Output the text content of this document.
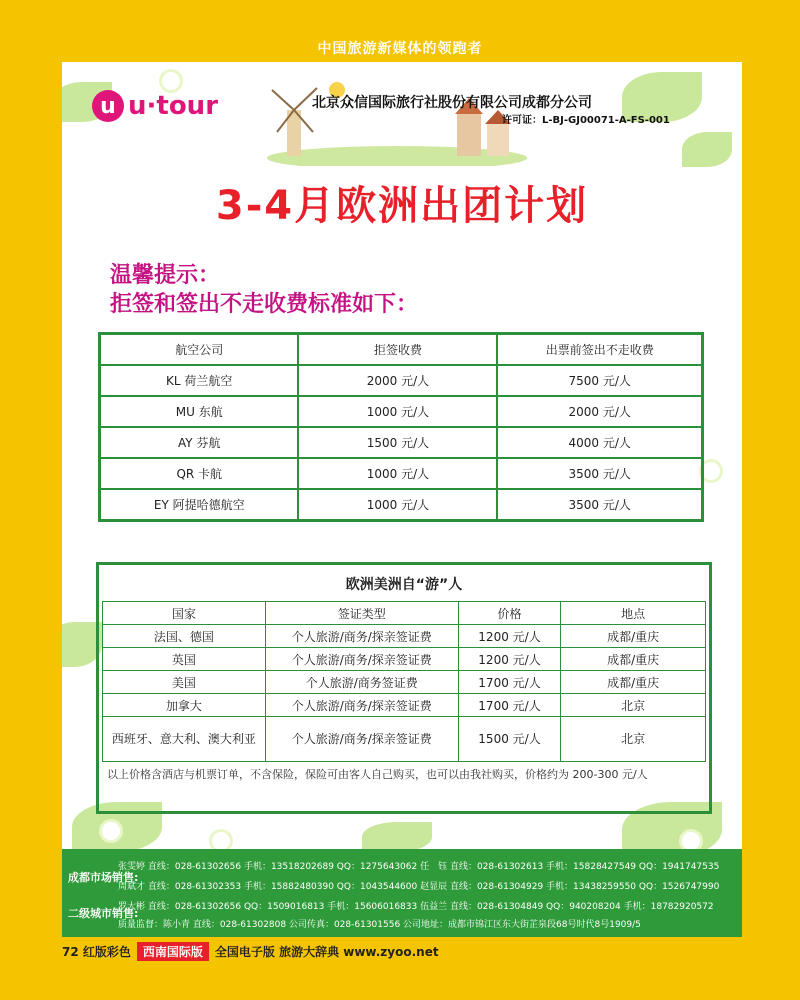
中国旅游新媒体的领跑者
u u·tour	北京众信国际旅行社股份有限公司成都分公司
许可证：L-BJ-GJ00071-A-FS-001
3-4月欧洲出团计划
温馨提示：
拒签和签出不走收费标准如下：
航空公司	拒签收费	出票前签出不走收费
KL 荷兰航空	2000 元/人	7500 元/人
MU 东航	1000 元/人	2000 元/人
AY 芬航	1500 元/人	4000 元/人
QR 卡航	1000 元/人	3500 元/人
EY 阿提哈德航空	1000 元/人	3500 元/人
欧洲美洲自“游”人
国家	签证类型	价格	地点
法国、德国	个人旅游/商务/探亲签证费	1200 元/人	成都/重庆
英国	个人旅游/商务/探亲签证费	1200 元/人	成都/重庆
美国	个人旅游/商务签证费	1700 元/人	成都/重庆
加拿大	个人旅游/商务/探亲签证费	1700 元/人	北京
西班牙、意大利、澳大利亚	个人旅游/商务/探亲签证费	1500 元/人	北京
以上价格含酒店与机票订单，不含保险，保险可由客人自己购买，也可以由我社购买，价格约为 200-300 元/人
成都市场销售:
二级城市销售:
张雯婷 直线：028-61302656 手机：13518202689 QQ：1275643062 任　钰 直线：028-61302613 手机：15828427549 QQ：1941747535
周斌才 直线：028-61302353 手机：15882480390 QQ：1043544600 赵显辰 直线：028-61304929 手机：13438259550 QQ：1526747990
罗大彬 直线：028-61302656 QQ：1509016813 手机：15606016833 伍益兰 直线：028-61304849 QQ：940208204 手机：18782920572
质量监督：陈小青 直线：028-61302808 公司传真：028-61301556 公司地址：成都市锦江区东大街芷泉段68号时代8号1909/5
72 红版彩色	西南国际版	全国电子版 旅游大辞典 www.zyoo.net
